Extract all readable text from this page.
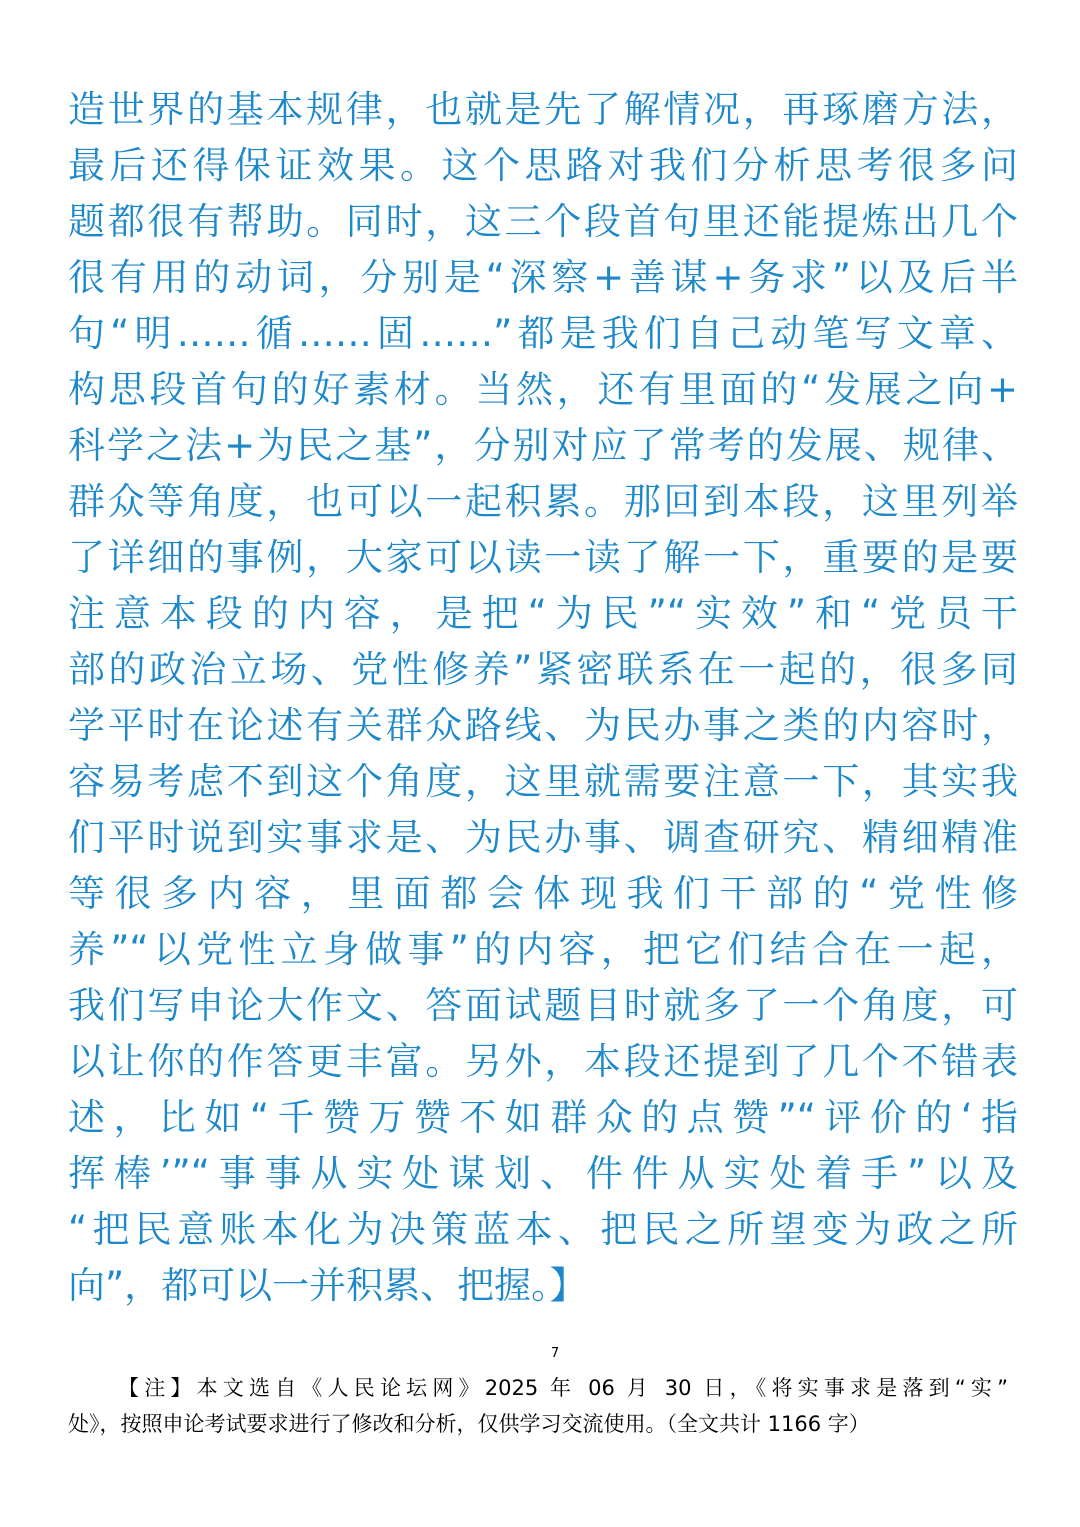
造世界的基本规律，也就是先了解情况，再琢磨方法，
最后还得保证效果。这个思路对我们分析思考很多问
题都很有帮助。同时，这三个段首句里还能提炼出几个
很有用的动词，分别是“深察+善谋+务求”以及后半
句“明……循……固……”都是我们自己动笔写文章、
构思段首句的好素材。当然，还有里面的“发展之向+
科学之法+为民之基”，分别对应了常考的发展、规律、
群众等角度，也可以一起积累。那回到本段，这里列举
了详细的事例，大家可以读一读了解一下，重要的是要
注意本段的内容，是把“为民”“实效”和“党员干
部的政治立场、党性修养”紧密联系在一起的，很多同
学平时在论述有关群众路线、为民办事之类的内容时，
容易考虑不到这个角度，这里就需要注意一下，其实我
们平时说到实事求是、为民办事、调查研究、精细精准
等很多内容，里面都会体现我们干部的“党性修
养”“以党性立身做事”的内容，把它们结合在一起，
我们写申论大作文、答面试题目时就多了一个角度，可
以让你的作答更丰富。另外，本段还提到了几个不错表
述，比如“千赞万赞不如群众的点赞”“评价的‘指
挥棒’”“事事从实处谋划、件件从实处着手”以及
“把民意账本化为决策蓝本、把民之所望变为政之所
向”，都可以一并积累、把握。】
7
【注】本文选自《人民论坛网》2025 年 06 月 30 日，《将实事求是落到“实”
处》，按照申论考试要求进行了修改和分析，仅供学习交流使用。（全文共计 1166 字）
